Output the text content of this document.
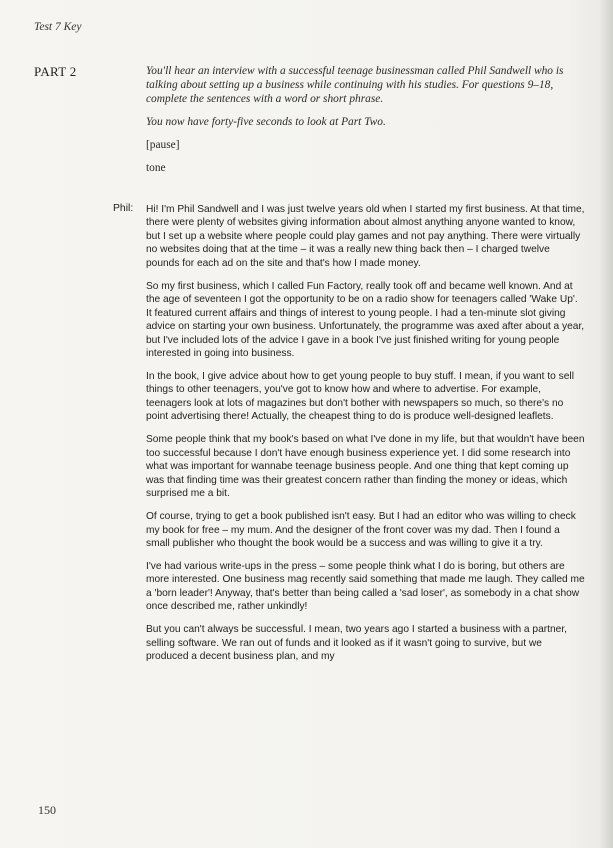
Test 7 Key
PART 2	You'll hear an interview with a successful teenage businessman called Phil Sandwell who is talking about setting up a business while continuing with his studies. For questions 9–18, complete the sentences with a word or short phrase.

You now have forty-five seconds to look at Part Two.

[pause]

tone

Phil: Hi! I'm Phil Sandwell and I was just twelve years old when I started my first business. At that time, there were plenty of websites giving information about almost anything anyone wanted to know, but I set up a website where people could play games and not pay anything. There were virtually no websites doing that at the time – it was a really new thing back then – I charged twelve pounds for each ad on the site and that's how I made money.

So my first business, which I called Fun Factory, really took off and became well known. And at the age of seventeen I got the opportunity to be on a radio show for teenagers called 'Wake Up'. It featured current affairs and things of interest to young people. I had a ten-minute slot giving advice on starting your own business. Unfortunately, the programme was axed after about a year, but I've included lots of the advice I gave in a book I've just finished writing for young people interested in going into business.

In the book, I give advice about how to get young people to buy stuff. I mean, if you want to sell things to other teenagers, you've got to know how and where to advertise. For example, teenagers look at lots of magazines but don't bother with newspapers so much, so there's no point advertising there! Actually, the cheapest thing to do is produce well-designed leaflets.

Some people think that my book's based on what I've done in my life, but that wouldn't have been too successful because I don't have enough business experience yet. I did some research into what was important for wannabe teenage business people. And one thing that kept coming up was that finding time was their greatest concern rather than finding the money or ideas, which surprised me a bit.

Of course, trying to get a book published isn't easy. But I had an editor who was willing to check my book for free – my mum. And the designer of the front cover was my dad. Then I found a small publisher who thought the book would be a success and was willing to give it a try.

I've had various write-ups in the press – some people think what I do is boring, but others are more interested. One business mag recently said something that made me laugh. They called me a 'born leader'! Anyway, that's better than being called a 'sad loser', as somebody in a chat show once described me, rather unkindly!

But you can't always be successful. I mean, two years ago I started a business with a partner, selling software. We ran out of funds and it looked as if it wasn't going to survive, but we produced a decent business plan, and my

150
